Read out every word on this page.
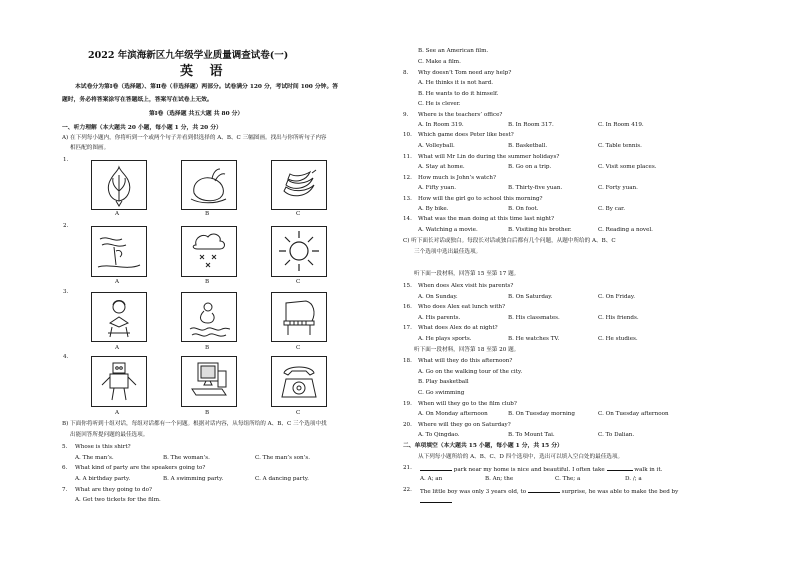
2022 年滨海新区九年级学业质量调查试卷(一)
英 语
本试卷分为第Ⅰ卷（选择题）、第Ⅱ卷（非选择题）两部分。试卷满分 120 分，考试时间 100 分钟。答
题时，务必将答案涂写在答题纸上，答案写在试卷上无效。
第Ⅰ卷（选择题 共五大题 共 80 分）
一、听力理解（本大题共 20 小题，每小题 1 分，共 20 分）
A) 在下列每小题内，你将听到一个或两个句子并看到供选择的 A、B、C 三幅图画。找出与你所听句子内容
相匹配的图画。
1.
A	B	C
2.
A	B	C
3.
A	B	C
4.
A	B	C
B) 下面你将听到十组对话，每组对话都有一个问题。根据对话内容，从每组所给的 A、B、C 三个选项中找
出能回答所提问题的最佳选项。
5. Whose is this shirt?
A. The man’s.	B. The woman’s.	C. The man’s son’s.
6. What kind of party are the speakers going to?
A. A birthday party.	B. A swimming party.	C. A dancing party.
7. What are they going to do?
A. Get two tickets for the film.
B. See an American film.
C. Make a film.
8. Why doesn’t Tom need any help?
A. He thinks it is not hard.
B. He wants to do it himself.
C. He is clever.
9. Where is the teachers’ office?
A. In Room 319.	B. In Room 317.	C. In Room 419.
10. Which game does Peter like best?
A. Volleyball.	B. Basketball.	C. Table tennis.
11. What will Mr Lin do during the summer holidays?
A. Stay at home.	B. Go on a trip.	C. Visit some places.
12. How much is John’s watch?
A. Fifty yuan.	B. Thirty-five yuan.	C. Forty yuan.
13. How will the girl go to school this morning?
A. By bike.	B. On foot.	C. By car.
14. What was the man doing at this time last night?
A. Watching a movie.	B. Visiting his brother.	C. Reading a novel.
C) 听下面长对话或独白。每段长对话或独白后都有几个问题，从题中所给的 A、B、C
三个选项中选出最佳选项。
听下面一段材料，回答第 15 至第 17 题。
15. When does Alex visit his parents?
A. On Sunday.	B. On Saturday.	C. On Friday.
16. Who does Alex eat lunch with?
A. His parents.	B. His classmates.	C. His friends.
17. What does Alex do at night?
A. He plays sports.	B. He watches TV.	C. He studies.
听下面一段材料，回答第 18 至第 20 题。
18. What will they do this afternoon?
A. Go on the walking tour of the city.
B. Play basketball
C. Go swimming
19. When will they go to the film club?
A. On Monday afternoon	B. On Tuesday morning	C. On Tuesday afternoon
20. Where will they go on Saturday?
A. To Qingdao.	B. To Mount Tai.	C. To Dalian.
二、单项填空（本大题共 15 小题，每小题 1 分，共 15 分）
从下列每小题所给的 A、B、C、D 四个选项中，选出可以填入空白处的最佳选项。
21.	park near my home is nice and beautiful. I often take	walk in it.
A. A; an	B. An; the	C. The; a	D. /; a
22. The little boy was only 3 years old, to	surprise, he was able to make the bed by
